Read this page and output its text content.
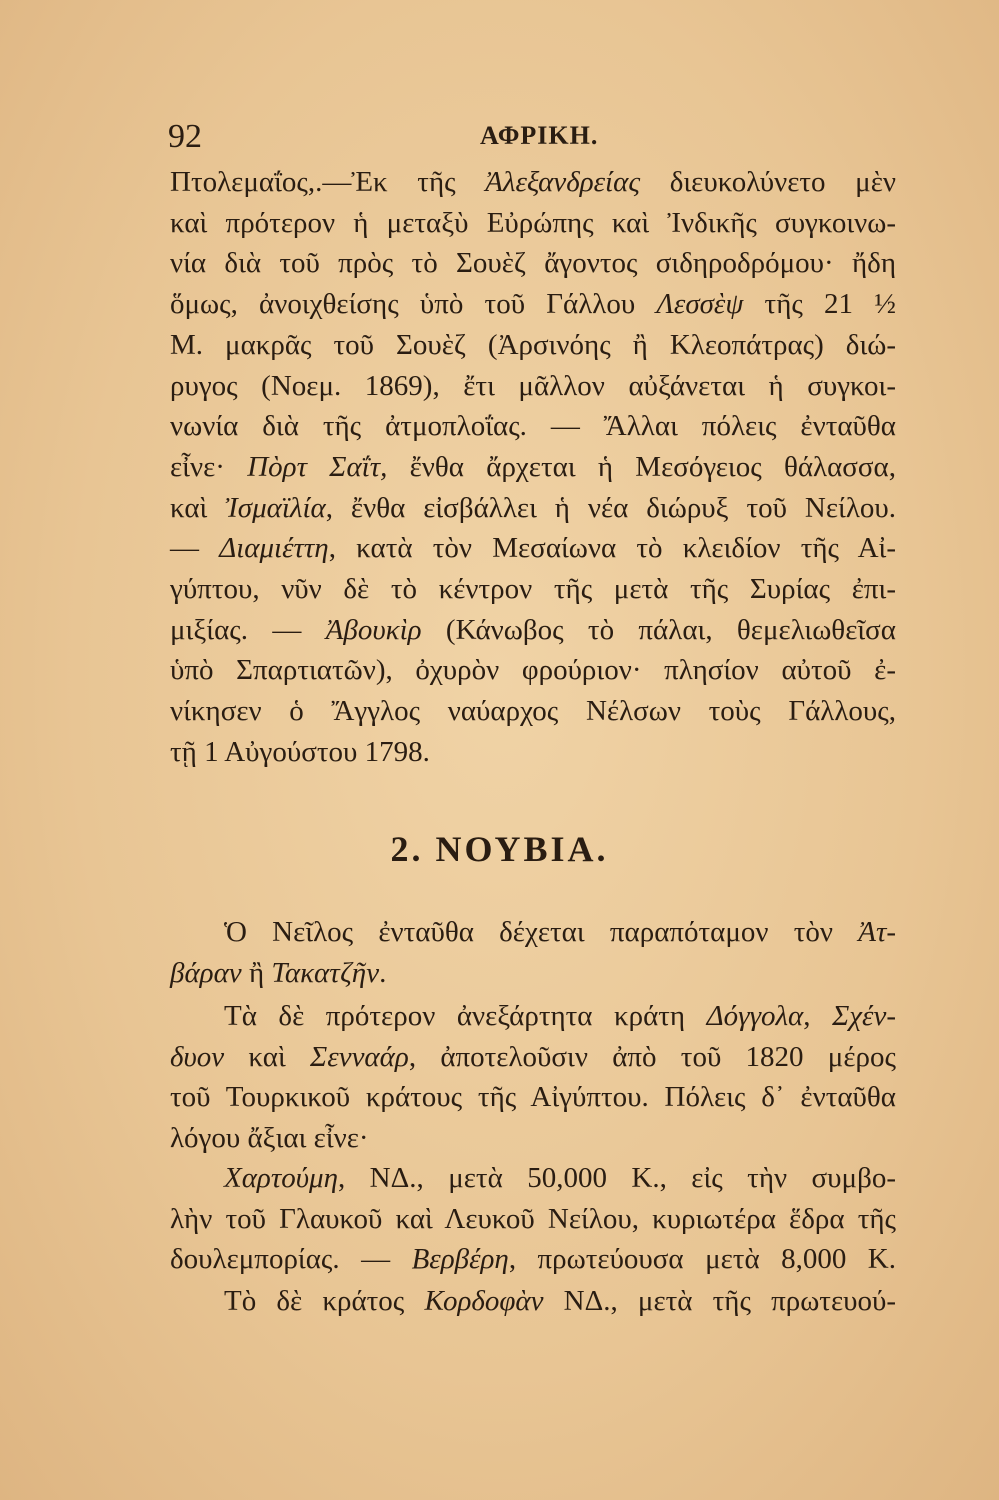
92	ΑΦΡΙΚΗ.
Πτολεμαΐος,.—Ἐκ τῆς Ἀλεξανδρείας διευκολύνετο μὲν
καὶ πρότερον ἡ μεταξὺ Εὐρώπης καὶ Ἰνδικῆς συγκοινω-
νία διὰ τοῦ πρὸς τὸ Σουὲζ ἄγοντος σιδηροδρόμου· ἤδη
ὅμως, ἀνοιχθείσης ὑπὸ τοῦ Γάλλου Λεσσὲψ τῆς 21 ½
Μ. μακρᾶς τοῦ Σουὲζ (Ἀρσινόης ἢ Κλεοπάτρας) διώ-
ρυγος (Νοεμ. 1869), ἔτι μᾶλλον αὐξάνεται ἡ συγκοι-
νωνία διὰ τῆς ἀτμοπλοΐας. — Ἄλλαι πόλεις ἐνταῦθα
εἶνε· Πὸρτ Σαΐτ, ἔνθα ἄρχεται ἡ Μεσόγειος θάλασσα,
καὶ Ἰσμαϊλία, ἔνθα εἰσβάλλει ἡ νέα διώρυξ τοῦ Νείλου.
— Διαμιέττη, κατὰ τὸν Μεσαίωνα τὸ κλειδίον τῆς Αἰ-
γύπτου, νῦν δὲ τὸ κέντρον τῆς μετὰ τῆς Συρίας ἐπι-
μιξίας. — Ἀβουκὶρ (Κάνωβος τὸ πάλαι, θεμελιωθεῖσα
ὑπὸ Σπαρτιατῶν), ὀχυρὸν φρούριον· πλησίον αὐτοῦ ἐ-
νίκησεν ὁ Ἄγγλος ναύαρχος Νέλσων τοὺς Γάλλους,
τῇ 1 Αὐγούστου 1798.
2. ΝΟΥΒΙΑ.
Ὁ Νεῖλος ἐνταῦθα δέχεται παραπόταμον τὸν Ἀτ-
βάραν ἢ Τακατζῆν.
Τὰ δὲ πρότερον ἀνεξάρτητα κράτη Δόγγολα, Σχέν-
δυον καὶ Σενναάρ, ἀποτελοῦσιν ἀπὸ τοῦ 1820 μέρος
τοῦ Τουρκικοῦ κράτους τῆς Αἰγύπτου. Πόλεις δ᾽ ἐνταῦθα
λόγου ἄξιαι εἶνε·
Χαρτούμη, ΝΔ., μετὰ 50,000 Κ., εἰς τὴν συμβο-
λὴν τοῦ Γλαυκοῦ καὶ Λευκοῦ Νείλου, κυριωτέρα ἕδρα τῆς
δουλεμπορίας. — Βερβέρη, πρωτεύουσα μετὰ 8,000 Κ.
Τὸ δὲ κράτος Κορδοφὰν ΝΔ., μετὰ τῆς πρωτευού-
